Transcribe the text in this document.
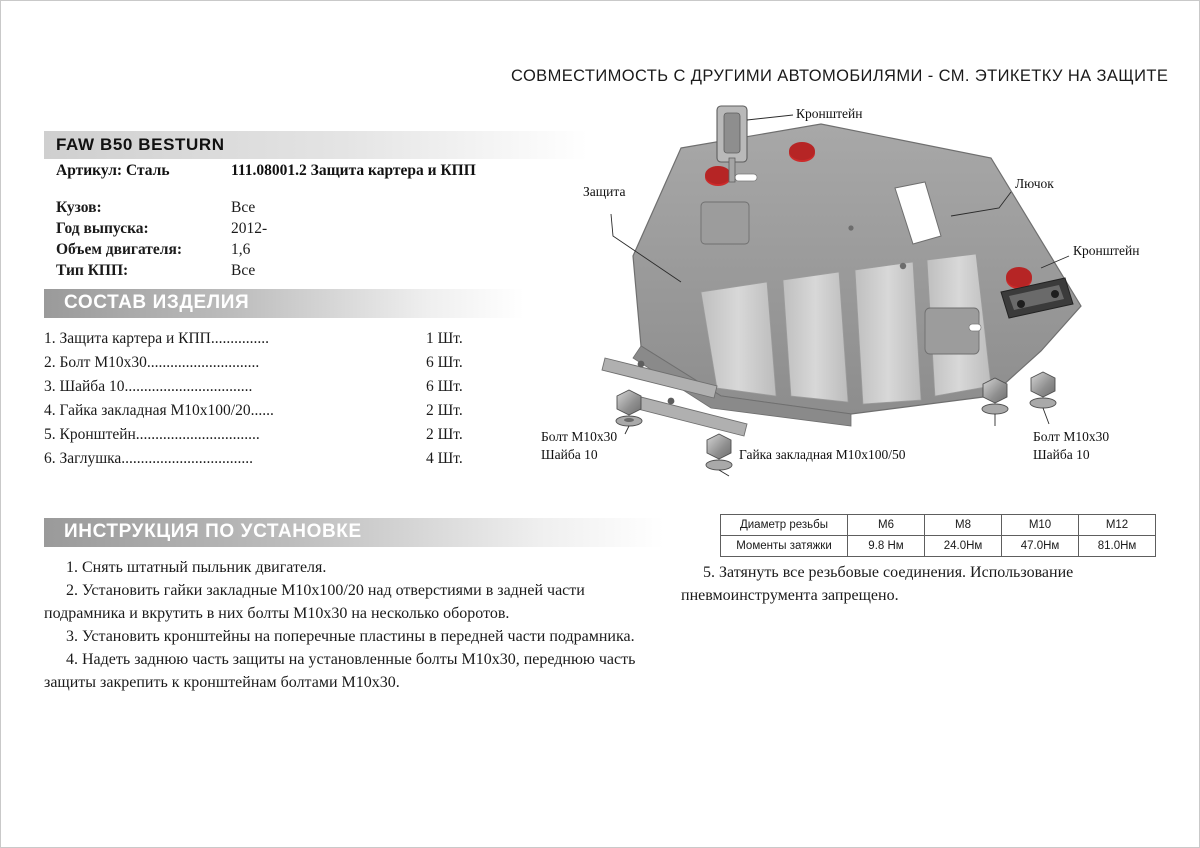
СОВМЕСТИМОСТЬ С ДРУГИМИ АВТОМОБИЛЯМИ - СМ. ЭТИКЕТКУ НА ЗАЩИТЕ
FAW B50 BESTURN
Артикул: Сталь	111.08001.2 Защита картера и КПП
Кузов:	Все
Год выпуска:	2012-
Объем двигателя:	1,6
Тип КПП:	Все
СОСТАВ ИЗДЕЛИЯ
1. Защита картера и КПП...............	1 Шт.
2. Болт М10х30.............................	6 Шт.
3. Шайба 10.................................	6 Шт.
4. Гайка закладная М10х100/20......	2 Шт.
5. Кронштейн................................	2 Шт.
6. Заглушка..................................	4 Шт.
ИНСТРУКЦИЯ ПО УСТАНОВКЕ

1. Снять штатный пыльник двигателя.

2. Установить гайки закладные М10х100/20 над отверстиями в задней части подрамника и вкрутить в них болты М10х30 на несколько оборотов.

3. Установить кронштейны на поперечные пластины в передней части подрамника.

4. Надеть заднюю часть защиты на установленные болты М10х30, переднюю часть защиты закрепить к кронштейнам болтами М10х30.

5. Затянуть все резьбовые соединения. Использование пневмоинструмента запрещено.

Диаметр резьбы	М6	М8	М10	М12
Моменты затяжки	9.8 Нм	24.0Нм	47.0Нм	81.0Нм
Кронштейн
Защита
Лючок
Кронштейн
Болт М10х30
Шайба 10	Гайка закладная М10х100/50
Болт М10х30
Шайба 10
